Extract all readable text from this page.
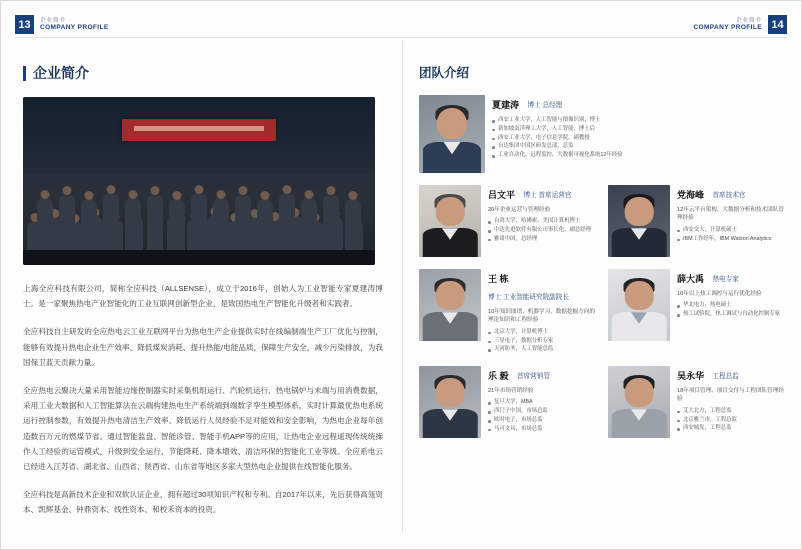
13	企业简介
COMPANY PROFILE	14
企业简介
COMPANY PROFILE
企业简介

上海全应科技有限公司，简称全应科技（ALLSENSE），成立于2016年，创始人为工业智能专家夏建涛博士。是一家聚焦热电产业智能化的工业互联网创新型企业，是致国热电生产智能化升级者和实践者。

全应科技自主研发的全应热电云工业互联网平台为热电生产企业提供实时在线编制端生产工厂优化与控制，能够有效提升热电企业生产效率、降低煤炭消耗、提升热能/电能品质，保障生产安全，减少污染排放，为我国保卫蓝天贡献力量。

全应热电云聚决大量采用智能边缘控制器实时采集机组运行、汽轮机运行、热电锅炉与末端与用消费数据，采用工业大数据和人工智能算法在云端构建热电生产系统端到端数字孪生模型体系，实时计算最优热电系统运行控制参数，有效提升热电清洁生产效率、降低运行人员经验不足对能效和安全影响，为热电企业每年创造数百万元的燃煤节省。通过智能监盘、智能诊管、智能手机APP等的应用，让热电企业远程遥现传统统操作人工经验的运管模式，升级到安全运行、节能降耗、降本增效、清洁环保的智能化工业等级。全应系电云已经进入江苏省、湖北省、山西省、陕西省、山东省等地区多家大型热电企业提供在线智能化服务。

全应科技是高新技术企业和双软认证企业，拥有超过30项知识产权和专利。自2017年以来，先后获得高瓴资本、凯辉基金、钟鼎资本、线性资本、和校禾资本的投资。

团队介绍
夏建涛 博士 总经理
西安工业大学，人工智能与图像识别，博士
新加坡南洋理工大学，人工智能，博士后
西安工业大学，电子信息学院，副教授
台达集团中国区研发总部，总监
工业自动化、远程监控、大数据可视化系统12年经验
吕文平 博士 首席运营官
20年企业运营与管理经验
台湾大学、哈佛索、美国计算机博士
中达先进软件有限公司事长化、副总经理
雅诺中国，总经理
党海峰 首席技术官
12年云平台架构、大数据分析和技术团队管理经验
西安交大，计算机硕士
IBM工作经年，IBM Watson Analytics
王 栋 博士 工业智能研究院副院长
10年知识图谱、机器学习、数据挖掘方向的理论知识和工程经验
北京大学，计算机博士
三星电子，数据分析专家
天河防务，人工智能总监
薛大禹 热电专家
10年以上热工调控与运行优化经验
华北电力，热电硕士
热工试验院，热工调试与自动化控制专家
乐 毅 首席营销管
21年市场营销经验
复旦大学，MBA
西门子中国，市场总监
欧时电子，市场总监
马可文具，市场总监
吴永华 工程总监
18年项目管理、项目交付与工程团队管理经验
艾大北方，工程总监
北京雅兰市，工程总监
西安城发，工程总监
